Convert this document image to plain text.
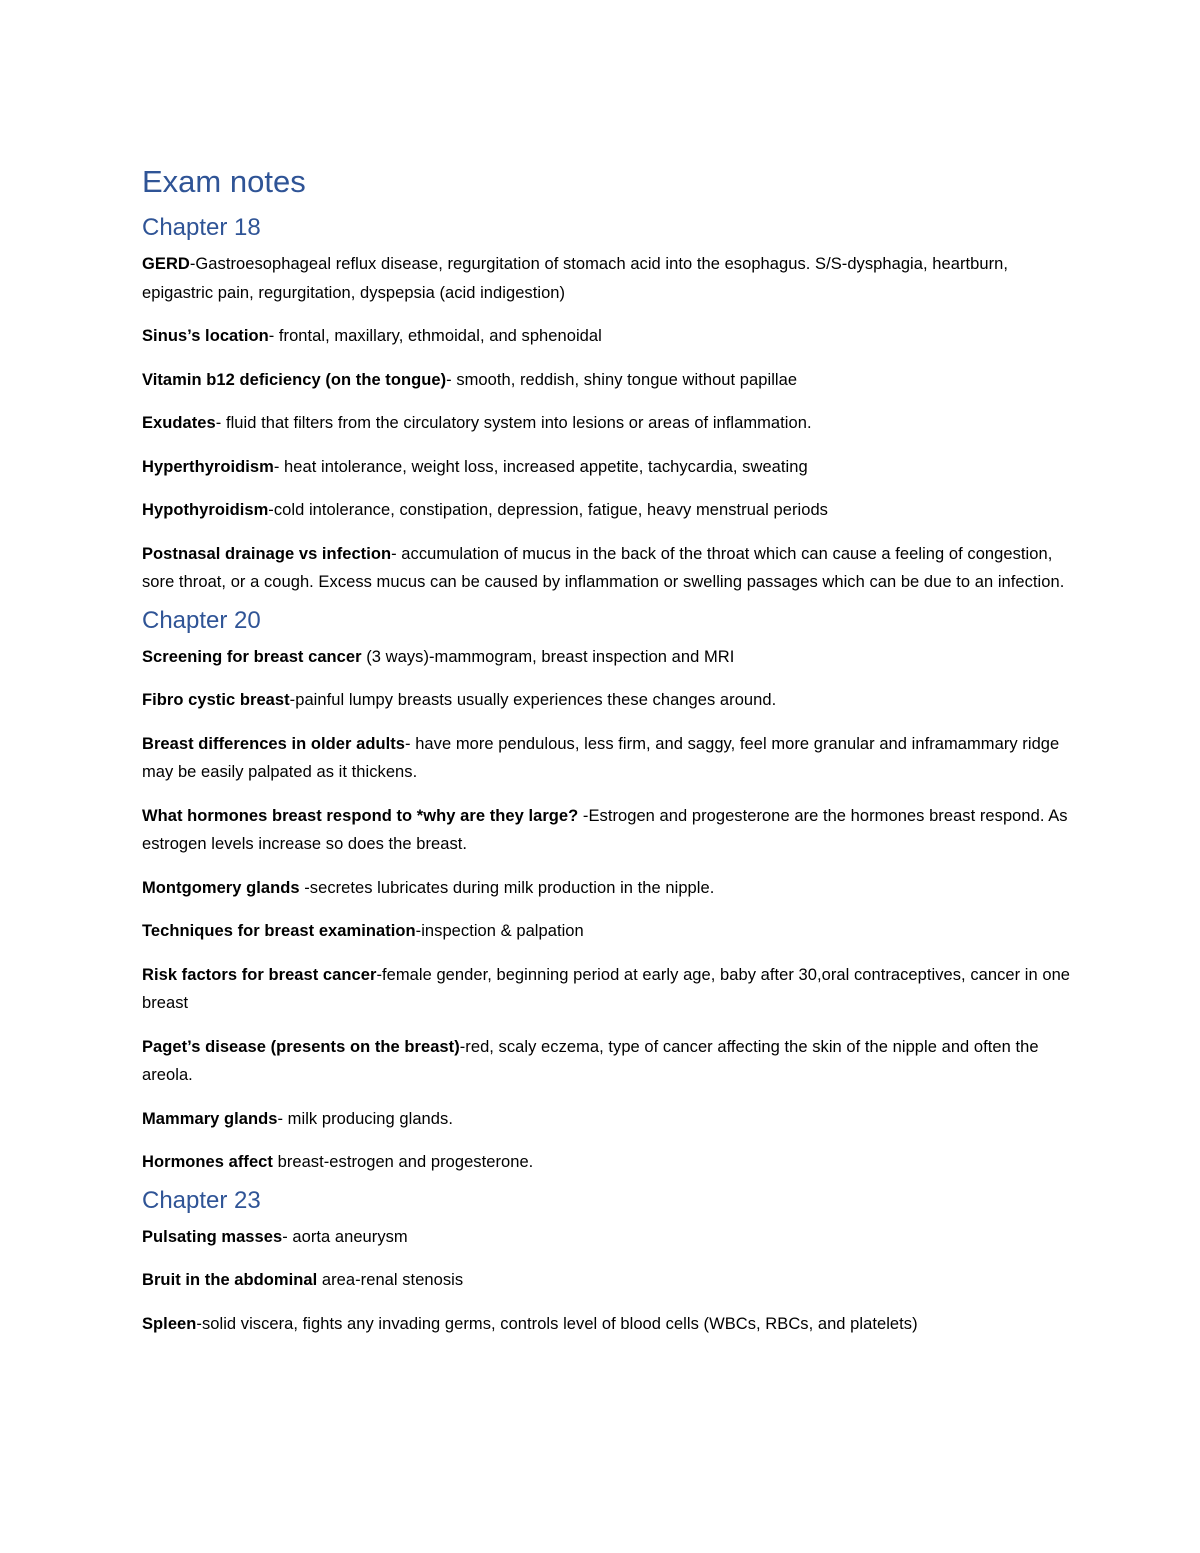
Exam notes
Chapter 18

GERD-Gastroesophageal reflux disease, regurgitation of stomach acid into the esophagus. S/S-dysphagia, heartburn, epigastric pain, regurgitation, dyspepsia (acid indigestion)

Sinus’s location- frontal, maxillary, ethmoidal, and sphenoidal

Vitamin b12 deficiency (on the tongue)- smooth, reddish, shiny tongue without papillae

Exudates- fluid that filters from the circulatory system into lesions or areas of inflammation.

Hyperthyroidism- heat intolerance, weight loss, increased appetite, tachycardia, sweating

Hypothyroidism-cold intolerance, constipation, depression, fatigue, heavy menstrual periods

Postnasal drainage vs infection- accumulation of mucus in the back of the throat which can cause a feeling of congestion, sore throat, or a cough. Excess mucus can be caused by inflammation or swelling passages which can be due to an infection.

Chapter 20

Screening for breast cancer (3 ways)-mammogram, breast inspection and MRI

Fibro cystic breast-painful lumpy breasts usually experiences these changes around.

Breast differences in older adults- have more pendulous, less firm, and saggy, feel more granular and inframammary ridge may be easily palpated as it thickens.

What hormones breast respond to *why are they large? -Estrogen and progesterone are the hormones breast respond. As estrogen levels increase so does the breast.

Montgomery glands -secretes lubricates during milk production in the nipple.

Techniques for breast examination-inspection & palpation

Risk factors for breast cancer-female gender, beginning period at early age, baby after 30,oral contraceptives, cancer in one breast

Paget’s disease (presents on the breast)-red, scaly eczema, type of cancer affecting the skin of the nipple and often the areola.

Mammary glands- milk producing glands.

Hormones affect breast-estrogen and progesterone.

Chapter 23

Pulsating masses- aorta aneurysm

Bruit in the abdominal area-renal stenosis

Spleen-solid viscera, fights any invading germs, controls level of blood cells (WBCs, RBCs, and platelets)
